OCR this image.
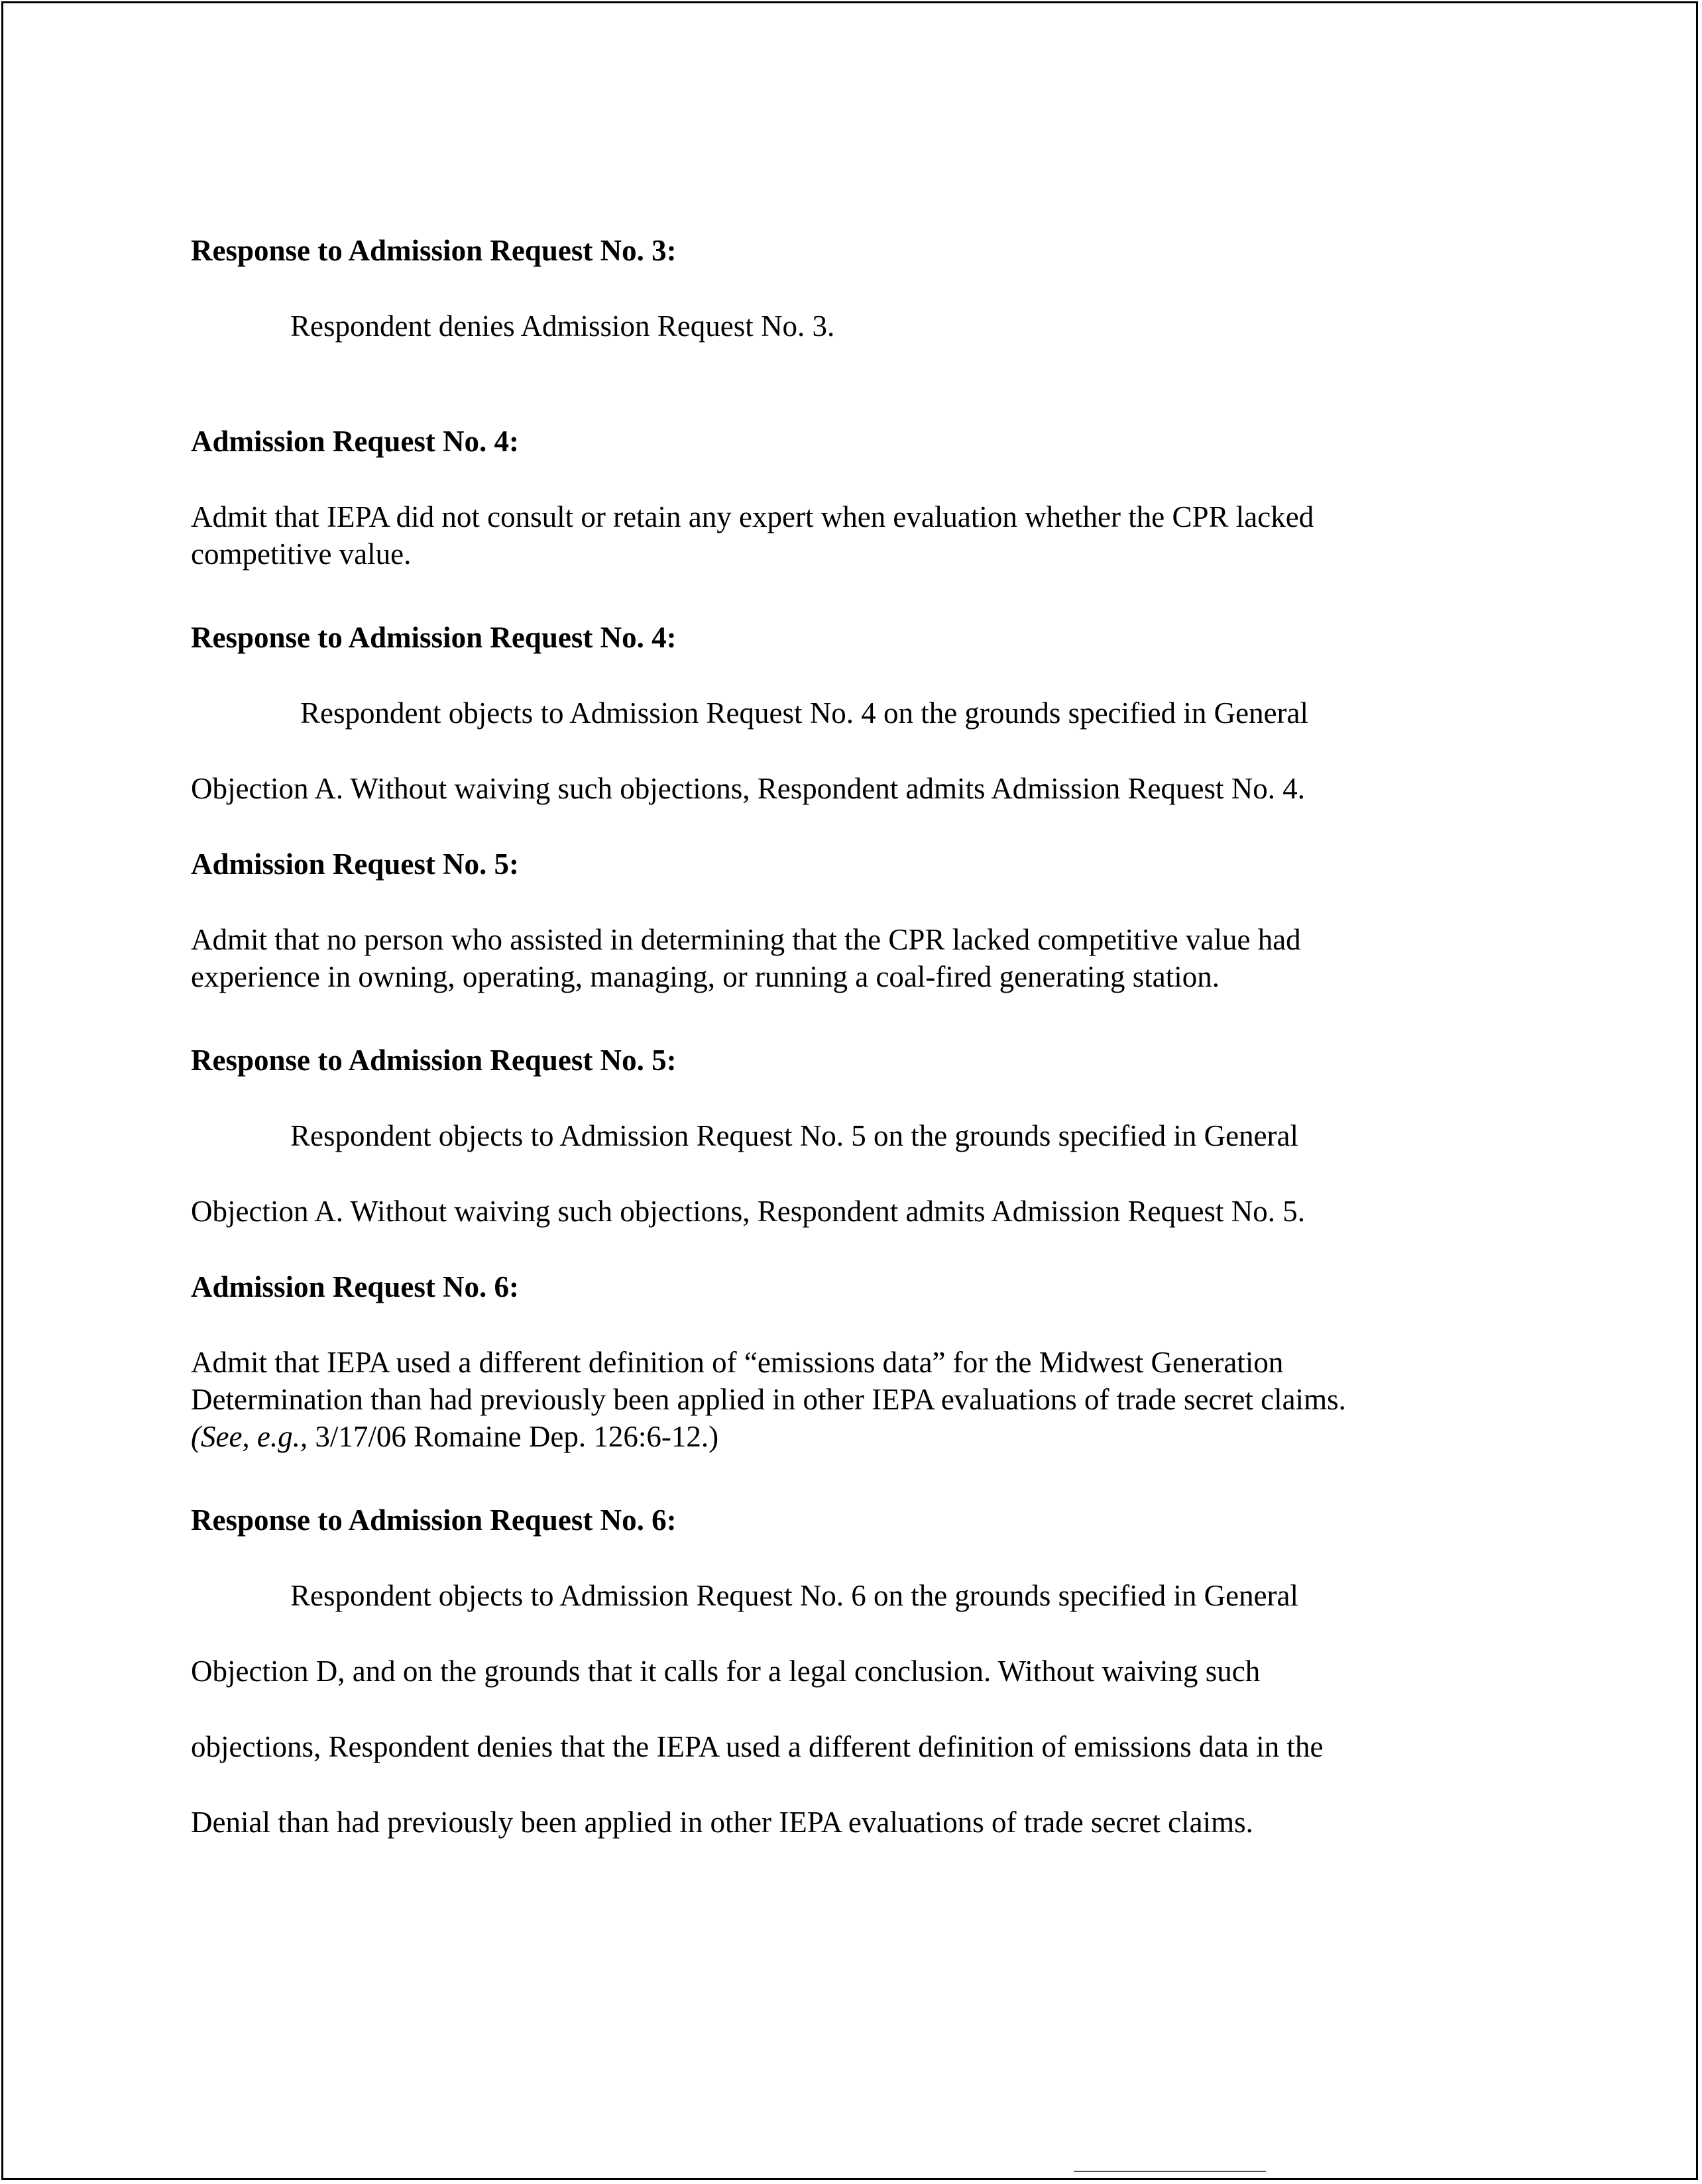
Response to Admission Request No. 3:

Respondent denies Admission Request No. 3.

Admission Request No. 4:

Admit that IEPA did not consult or retain any expert when evaluation whether the CPR lacked

competitive value.

Response to Admission Request No. 4:

Respondent objects to Admission Request No. 4 on the grounds specified in General

Objection A. Without waiving such objections, Respondent admits Admission Request No. 4.

Admission Request No. 5:

Admit that no person who assisted in determining that the CPR lacked competitive value had

experience in owning, operating, managing, or running a coal-fired generating station.

Response to Admission Request No. 5:

Respondent objects to Admission Request No. 5 on the grounds specified in General

Objection A. Without waiving such objections, Respondent admits Admission Request No. 5.

Admission Request No. 6:

Admit that IEPA used a different definition of “emissions data” for the Midwest Generation

Determination than had previously been applied in other IEPA evaluations of trade secret claims.

(See, e.g., 3/17/06 Romaine Dep. 126:6-12.)

Response to Admission Request No. 6:

Respondent objects to Admission Request No. 6 on the grounds specified in General

Objection D, and on the grounds that it calls for a legal conclusion. Without waiving such

objections, Respondent denies that the IEPA used a different definition of emissions data in the

Denial than had previously been applied in other IEPA evaluations of trade secret claims.
